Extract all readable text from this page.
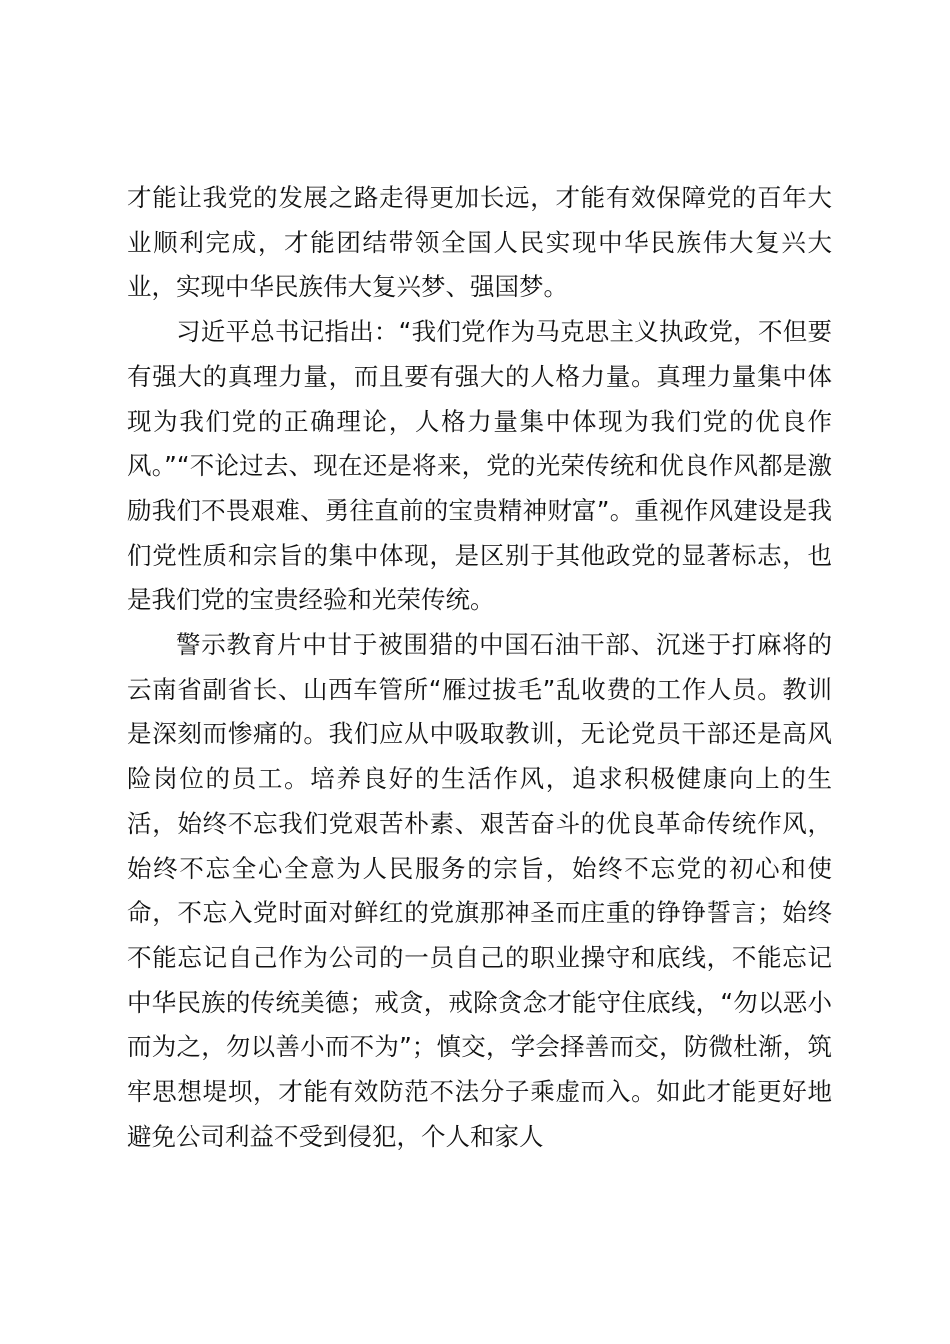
才能让我党的发展之路走得更加长远，才能有效保障党的百年大业顺利完成，才能团结带领全国人民实现中华民族伟大复兴大业，实现中华民族伟大复兴梦、强国梦。

习近平总书记指出：“我们党作为马克思主义执政党，不但要有强大的真理力量，而且要有强大的人格力量。真理力量集中体现为我们党的正确理论，人格力量集中体现为我们党的优良作风。”“不论过去、现在还是将来，党的光荣传统和优良作风都是激励我们不畏艰难、勇往直前的宝贵精神财富”。重视作风建设是我们党性质和宗旨的集中体现，是区别于其他政党的显著标志，也是我们党的宝贵经验和光荣传统。

警示教育片中甘于被围猎的中国石油干部、沉迷于打麻将的云南省副省长、山西车管所“雁过拔毛”乱收费的工作人员。教训是深刻而惨痛的。我们应从中吸取教训，无论党员干部还是高风险岗位的员工。培养良好的生活作风，追求积极健康向上的生活，始终不忘我们党艰苦朴素、艰苦奋斗的优良革命传统作风，始终不忘全心全意为人民服务的宗旨，始终不忘党的初心和使命，不忘入党时面对鲜红的党旗那神圣而庄重的铮铮誓言；始终不能忘记自己作为公司的一员自己的职业操守和底线，不能忘记中华民族的传统美德；戒贪，戒除贪念才能守住底线，“勿以恶小而为之，勿以善小而不为”；慎交，学会择善而交，防微杜渐，筑牢思想堤坝，才能有效防范不法分子乘虚而入。如此才能更好地避免公司利益不受到侵犯，个人和家人
